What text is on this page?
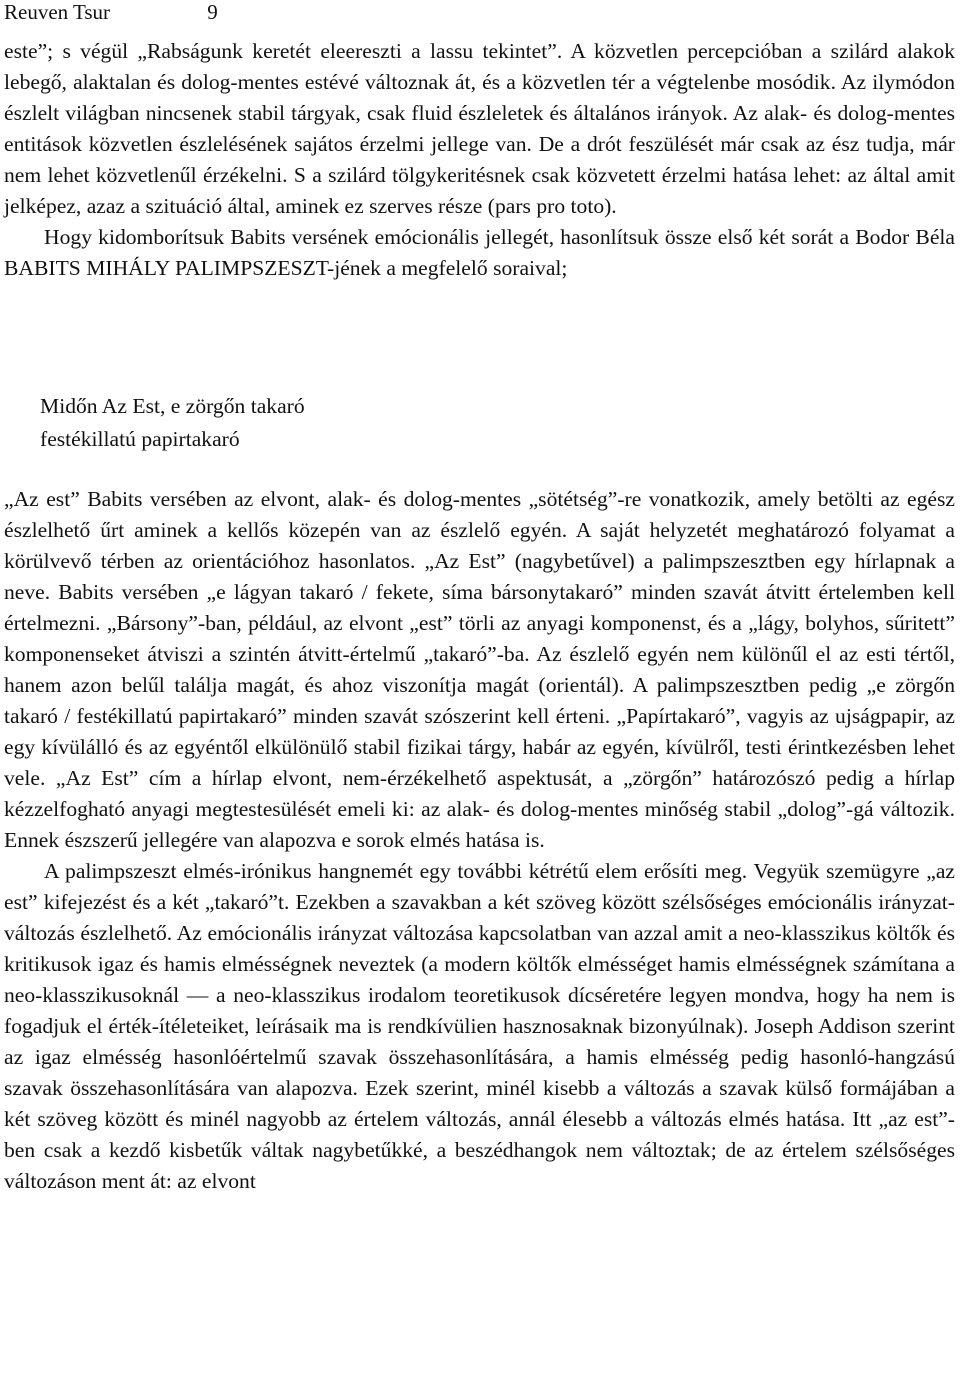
Reuven Tsur	9

este”; s végül „Rabságunk keretét eleereszti a lassu tekintet”. A közvetlen percepcióban a szilárd alakok lebegő, alaktalan és dolog-mentes estévé változnak át, és a közvetlen tér a végtelenbe mosódik. Az ilymódon észlelt világban nincsenek stabil tárgyak, csak fluid észleletek és általános irányok. Az alak- és dolog-mentes entitások közvetlen észlelésének sajátos érzelmi jellege van. De a drót feszülését már csak az ész tudja, már nem lehet közvetlenűl érzékelni. S a szilárd tölgykeritésnek csak közvetett érzelmi hatása lehet: az által amit jelképez, azaz a szituáció által, aminek ez szerves része (pars pro toto).

Hogy kidomborítsuk Babits versének emócionális jellegét, hasonlítsuk össze első két sorát a Bodor Béla BABITS MIHÁLY PALIMPSZESZT-jének a megfelelő soraival;

Midőn Az Est, e zörgőn takaró
festékillatú papirtakaró

„Az est” Babits versében az elvont, alak- és dolog-mentes „sötétség”-re vonatkozik, amely betölti az egész észlelhető űrt aminek a kellős közepén van az észlelő egyén. A saját helyzetét meghatározó folyamat a körülvevő térben az orientációhoz hasonlatos. „Az Est” (nagybetűvel) a palimpszesztben egy hírlapnak a neve. Babits versében „e lágyan takaró / fekete, síma bársonytakaró” minden szavát átvitt értelemben kell értelmezni. „Bársony”-ban, például, az elvont „est” törli az anyagi komponenst, és a „lágy, bolyhos, sűritett” komponenseket átviszi a szintén átvitt-értelmű „takaró”-ba. Az észlelő egyén nem különűl el az esti tértől, hanem azon belűl találja magát, és ahoz viszonítja magát (orientál). A palimpszesztben pedig „e zörgőn takaró / festékillatú papirtakaró” minden szavát szószerint kell érteni. „Papírtakaró”, vagyis az ujságpapir, az egy kívülálló és az egyéntől elkülönülő stabil fizikai tárgy, habár az egyén, kívülről, testi érintkezésben lehet vele. „Az Est” cím a hírlap elvont, nem-érzékelhető aspektusát, a „zörgőn” határozószó pedig a hírlap kézzelfogható anyagi megtestesülését emeli ki: az alak- és dolog-mentes minőség stabil „dolog”-gá változik. Ennek észszerű jellegére van alapozva e sorok elmés hatása is.

A palimpszeszt elmés-irónikus hangnemét egy további kétrétű elem erősíti meg. Vegyük szemügyre „az est” kifejezést és a két „takaró”t. Ezekben a szavakban a két szöveg között szélsőséges emócionális irányzat-változás észlelhető. Az emócionális irányzat változása kapcsolatban van azzal amit a neo-klasszikus költők és kritikusok igaz és hamis elmésségnek neveztek (a modern költők elmésséget hamis elmésségnek számítana a neo-klasszikusoknál — a neo-klasszikus irodalom teoretikusok dícséretére legyen mondva, hogy ha nem is fogadjuk el érték-ítéleteiket, leírásaik ma is rendkívülien hasznosaknak bizonyúlnak). Joseph Addison szerint az igaz elmésség hasonlóértelmű szavak összehasonlítására, a hamis elmésség pedig hasonló-hangzású szavak összehasonlítására van alapozva. Ezek szerint, minél kisebb a változás a szavak külső formájában a két szöveg között és minél nagyobb az értelem változás, annál élesebb a változás elmés hatása. Itt „az est”-ben csak a kezdő kisbetűk váltak nagybetűkké, a beszédhangok nem változtak; de az értelem szélsőséges változáson ment át: az elvont
